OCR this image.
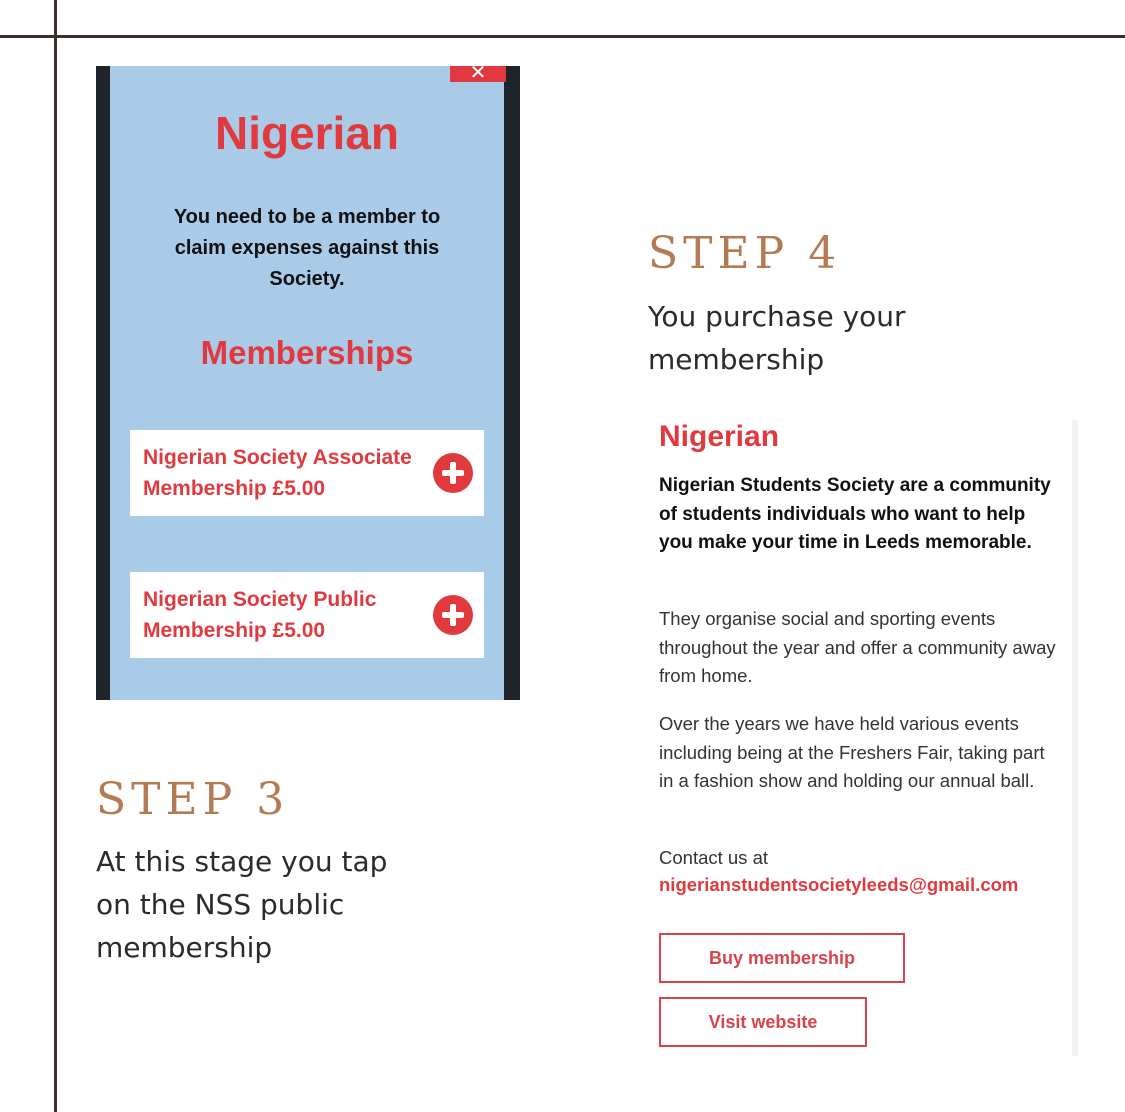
✕
Nigerian
You need to be a member to claim expenses against this Society.
Memberships
Nigerian Society Associate Membership £5.00
Nigerian Society Public Membership £5.00
STEP 3
At this stage you tap on the NSS public membership
STEP 4
You purchase your membership
Nigerian
Nigerian Students Society are a community of students individuals who want to help you make your time in Leeds memorable.
They organise social and sporting events throughout the year and offer a community away from home.
Over the years we have held various events including being at the Freshers Fair, taking part in a fashion show and holding our annual ball.
Contact us at
nigerianstudentsocietyleeds@gmail.com
Buy membership
Visit website
